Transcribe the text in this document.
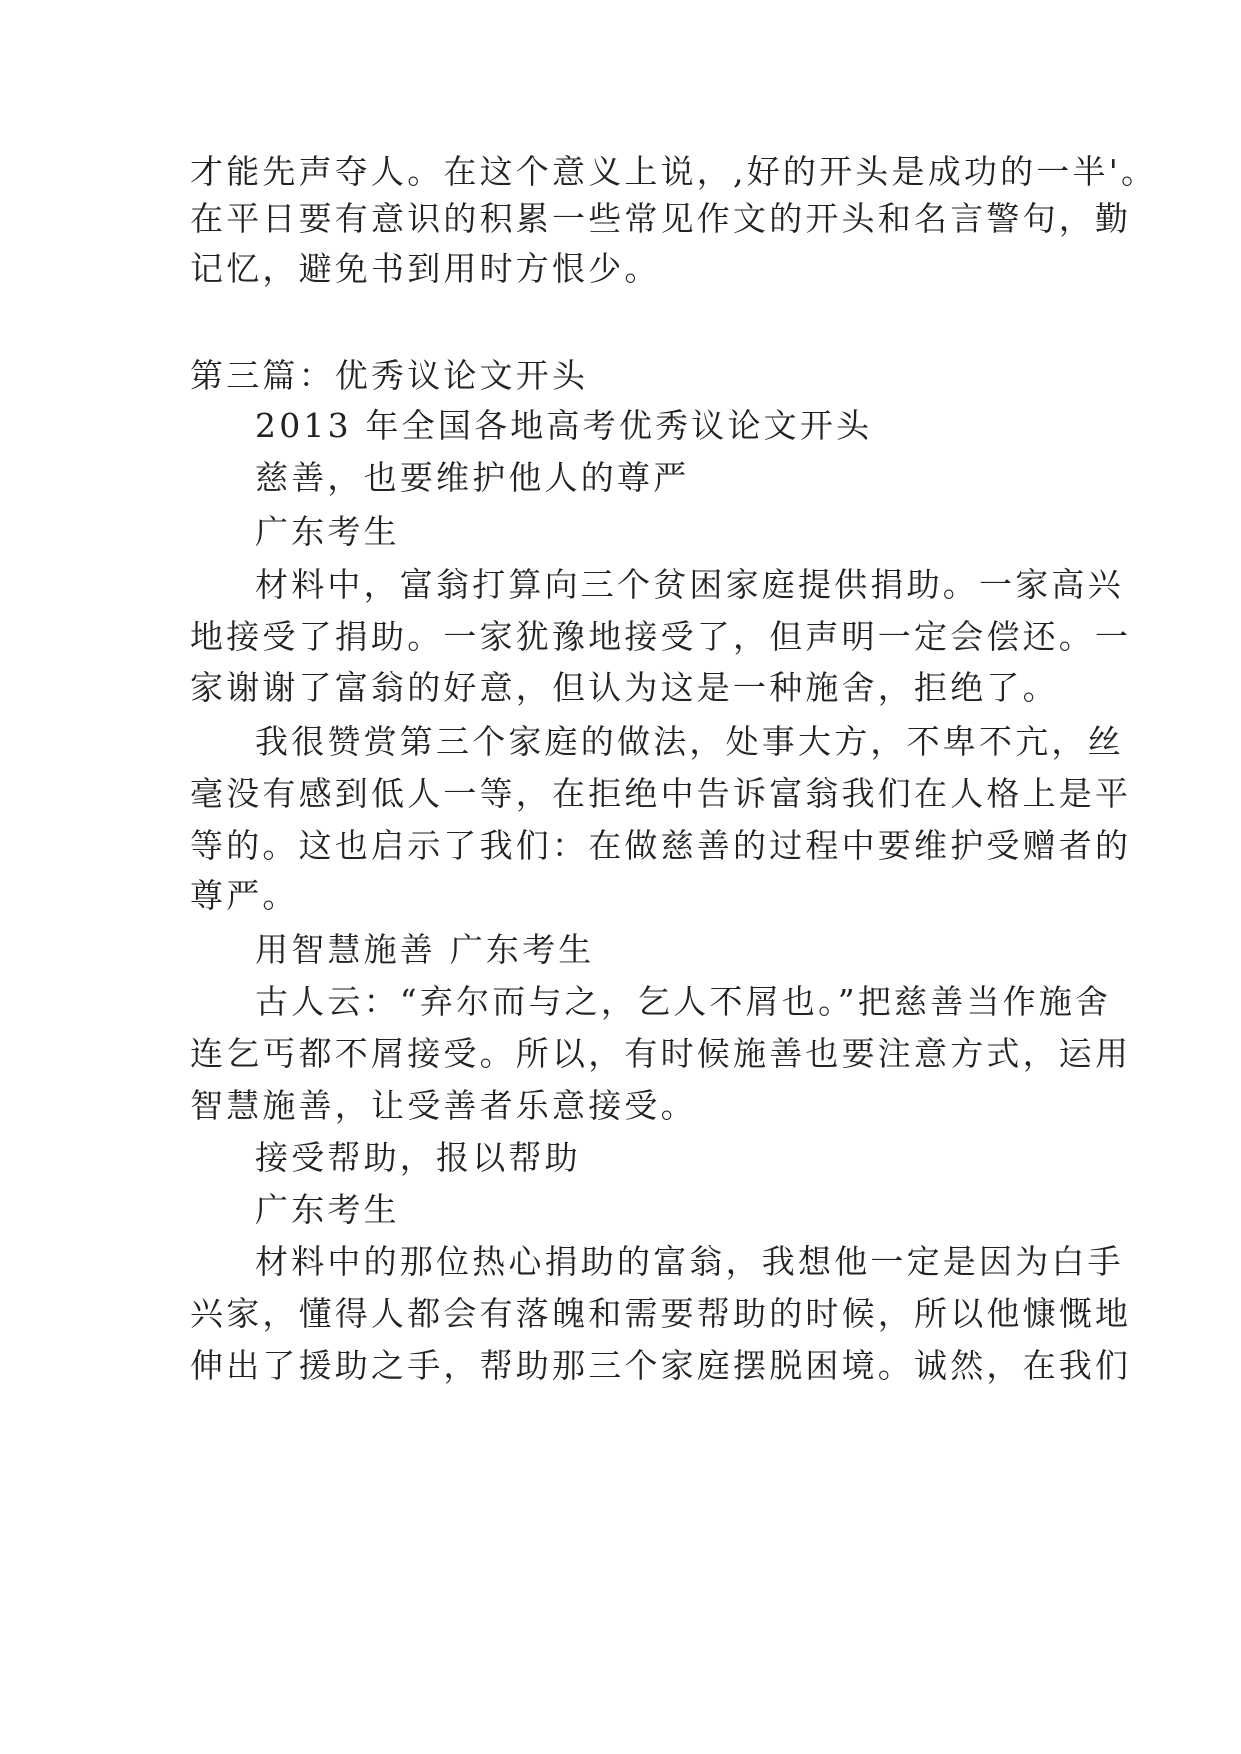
才能先声夺人。在这个意义上说，,好的开头是成功的一半'。
在平日要有意识的积累一些常见作文的开头和名言警句，勤
记忆，避免书到用时方恨少。
第三篇：优秀议论文开头
2013 年全国各地高考优秀议论文开头
慈善，也要维护他人的尊严
广东考生
材料中，富翁打算向三个贫困家庭提供捐助。一家高兴
地接受了捐助。一家犹豫地接受了，但声明一定会偿还。一
家谢谢了富翁的好意，但认为这是一种施舍，拒绝了。
我很赞赏第三个家庭的做法，处事大方，不卑不亢，丝
毫没有感到低人一等，在拒绝中告诉富翁我们在人格上是平
等的。这也启示了我们：在做慈善的过程中要维护受赠者的
尊严。
用智慧施善 广东考生
古人云：“弃尔而与之，乞人不屑也。”把慈善当作施舍
连乞丐都不屑接受。所以，有时候施善也要注意方式，运用
智慧施善，让受善者乐意接受。
接受帮助，报以帮助
广东考生
材料中的那位热心捐助的富翁，我想他一定是因为白手
兴家，懂得人都会有落魄和需要帮助的时候，所以他慷慨地
伸出了援助之手，帮助那三个家庭摆脱困境。诚然，在我们
